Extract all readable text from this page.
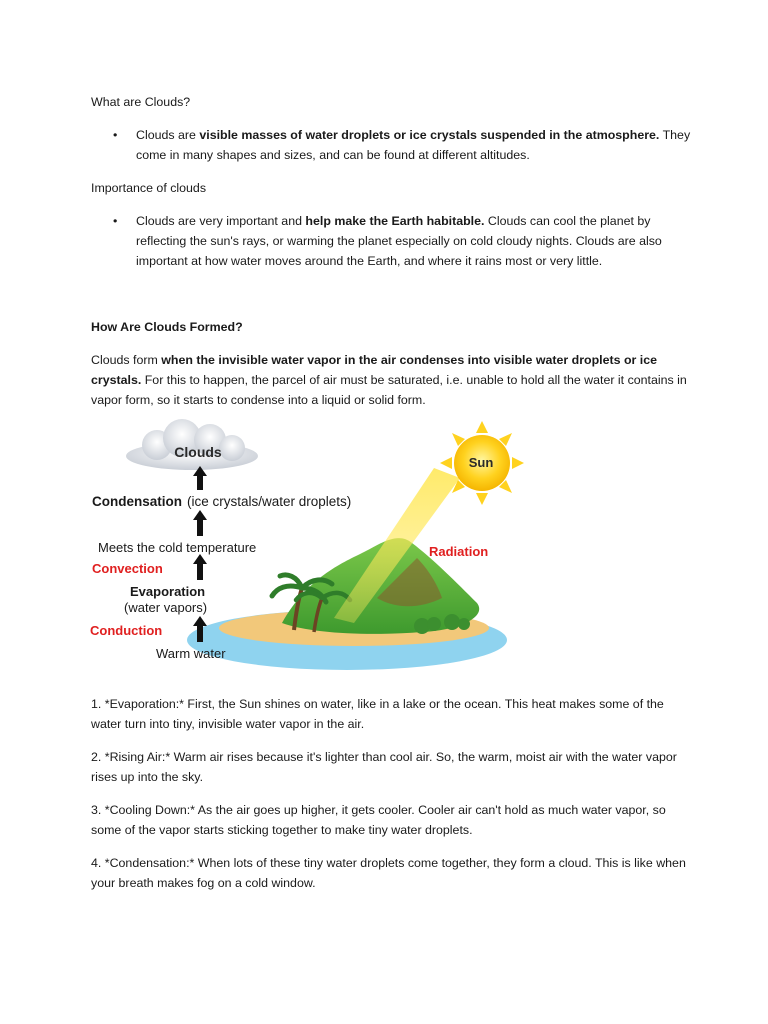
What are Clouds?

• Clouds are visible masses of water droplets or ice crystals suspended in the atmosphere. They come in many shapes and sizes, and can be found at different altitudes.

Importance of clouds

• Clouds are very important and help make the Earth habitable. Clouds can cool the planet by reflecting the sun's rays, or warming the planet especially on cold cloudy nights. Clouds are also important at how water moves around the Earth, and where it rains most or very little.

How Are Clouds Formed?

Clouds form when the invisible water vapor in the air condenses into visible water droplets or ice crystals. For this to happen, the parcel of air must be saturated, i.e. unable to hold all the water it contains in vapor form, so it starts to condense into a liquid or solid form.

Sun
Clouds
Condensation (ice crystals/water droplets)
Meets the cold temperature
Convection
Evaporation
(water vapors)
Conduction
Warm water
Radiation

1. *Evaporation:* First, the Sun shines on water, like in a lake or the ocean. This heat makes some of the water turn into tiny, invisible water vapor in the air.

2. *Rising Air:* Warm air rises because it's lighter than cool air. So, the warm, moist air with the water vapor rises up into the sky.

3. *Cooling Down:* As the air goes up higher, it gets cooler. Cooler air can't hold as much water vapor, so some of the vapor starts sticking together to make tiny water droplets.

4. *Condensation:* When lots of these tiny water droplets come together, they form a cloud. This is like when your breath makes fog on a cold window.
